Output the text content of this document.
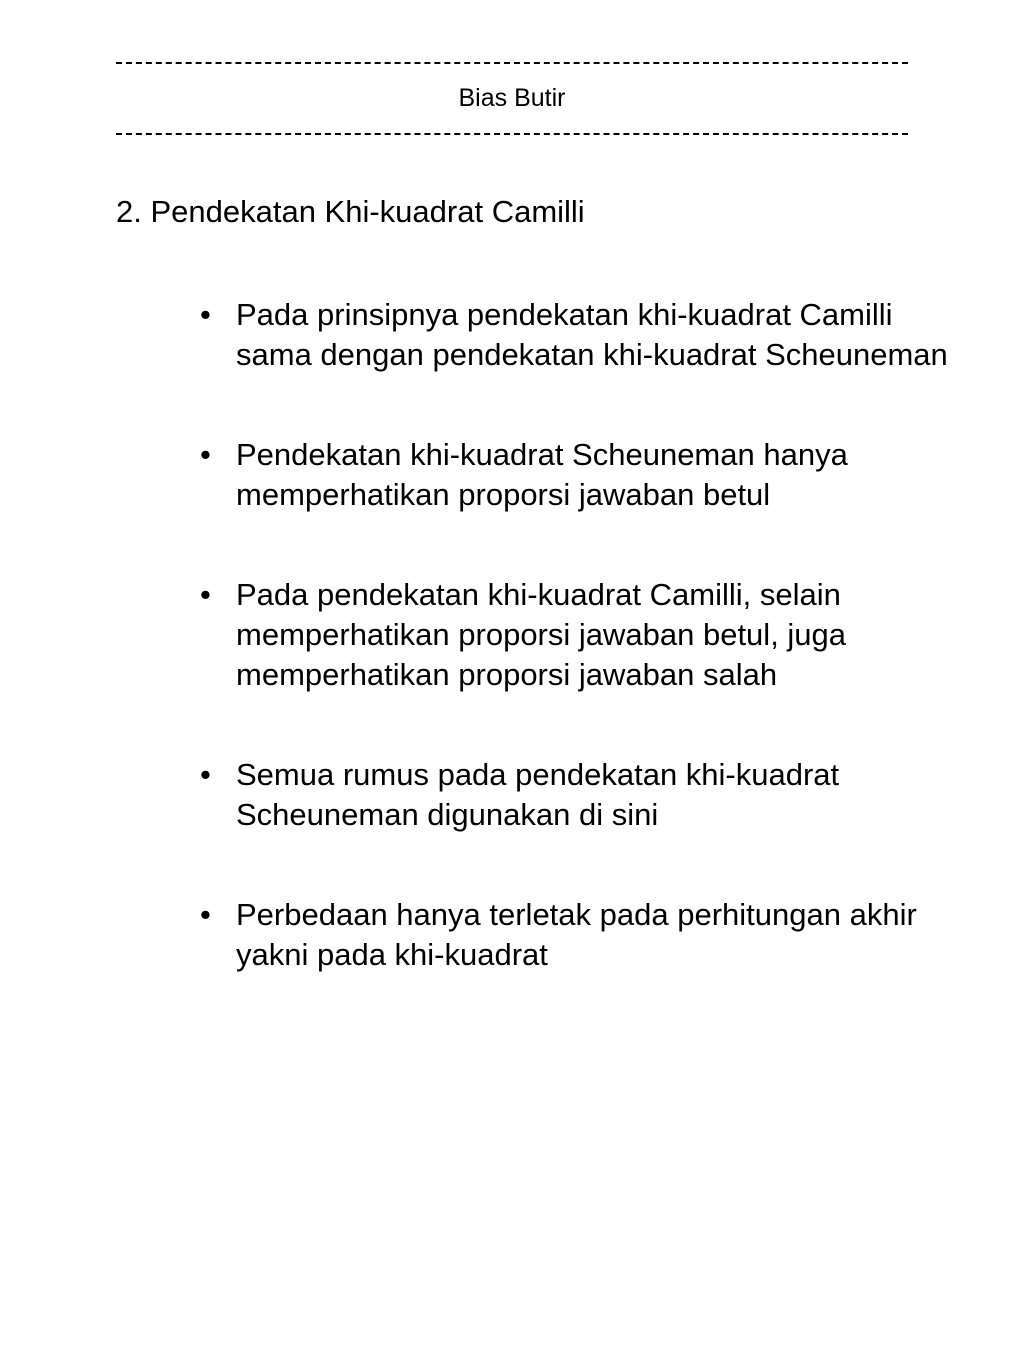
Bias Butir
2. Pendekatan Khi-kuadrat Camilli
• Pada prinsipnya pendekatan khi-kuadrat Camilli sama dengan pendekatan khi-kuadrat Scheuneman
• Pendekatan khi-kuadrat Scheuneman hanya memperhatikan proporsi jawaban betul
• Pada pendekatan khi-kuadrat Camilli, selain memperhatikan proporsi jawaban betul, juga memperhatikan proporsi jawaban salah
• Semua rumus pada pendekatan khi-kuadrat Scheuneman digunakan di sini
• Perbedaan hanya terletak pada perhitungan akhir yakni pada khi-kuadrat
